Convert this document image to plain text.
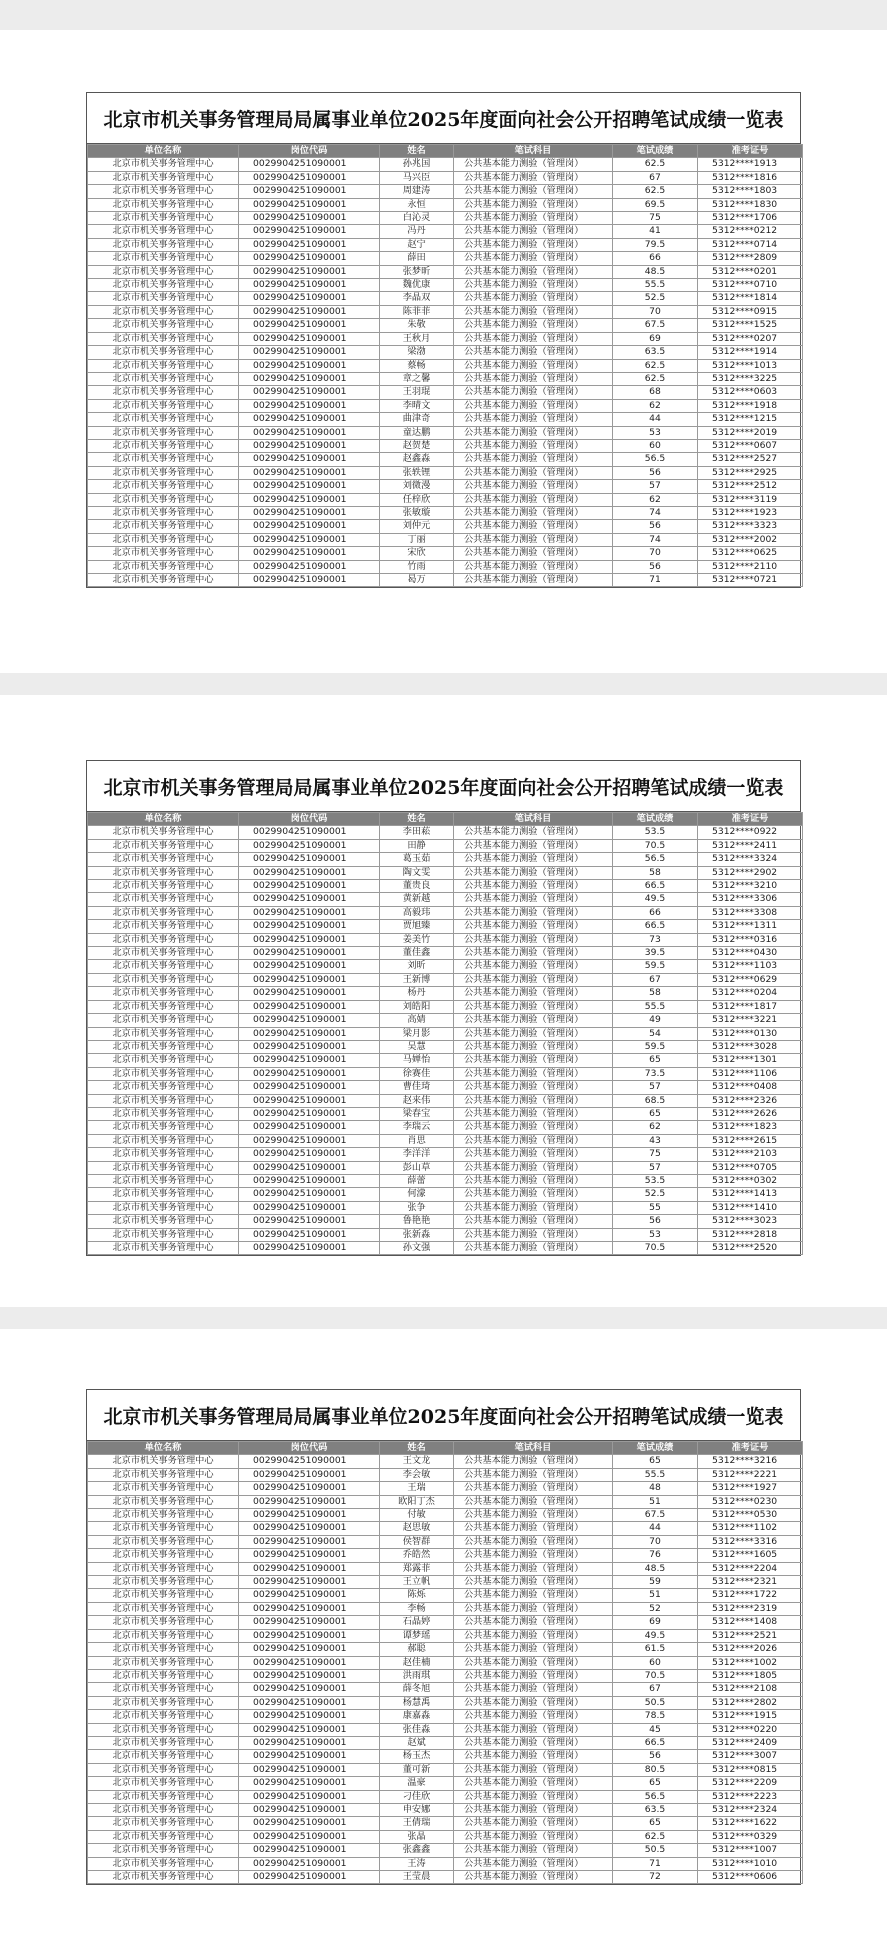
北京市机关事务管理局局属事业单位2025年度面向社会公开招聘笔试成绩一览表
单位名称	岗位代码	姓名	笔试科目	笔试成绩	准考证号
北京市机关事务管理中心	0029904251090001	孙兆国	公共基本能力测验（管理岗）	62.5	5312****1913
北京市机关事务管理中心	0029904251090001	马兴臣	公共基本能力测验（管理岗）	67	5312****1816
北京市机关事务管理中心	0029904251090001	周建涛	公共基本能力测验（管理岗）	62.5	5312****1803
北京市机关事务管理中心	0029904251090001	永恒	公共基本能力测验（管理岗）	69.5	5312****1830
北京市机关事务管理中心	0029904251090001	白沁灵	公共基本能力测验（管理岗）	75	5312****1706
北京市机关事务管理中心	0029904251090001	冯丹	公共基本能力测验（管理岗）	41	5312****0212
北京市机关事务管理中心	0029904251090001	赵宁	公共基本能力测验（管理岗）	79.5	5312****0714
北京市机关事务管理中心	0029904251090001	薛田	公共基本能力测验（管理岗）	66	5312****2809
北京市机关事务管理中心	0029904251090001	张梦昕	公共基本能力测验（管理岗）	48.5	5312****0201
北京市机关事务管理中心	0029904251090001	魏优康	公共基本能力测验（管理岗）	55.5	5312****0710
北京市机关事务管理中心	0029904251090001	李晶双	公共基本能力测验（管理岗）	52.5	5312****1814
北京市机关事务管理中心	0029904251090001	陈菲菲	公共基本能力测验（管理岗）	70	5312****0915
北京市机关事务管理中心	0029904251090001	朱敬	公共基本能力测验（管理岗）	67.5	5312****1525
北京市机关事务管理中心	0029904251090001	王秋月	公共基本能力测验（管理岗）	69	5312****0207
北京市机关事务管理中心	0029904251090001	梁渤	公共基本能力测验（管理岗）	63.5	5312****1914
北京市机关事务管理中心	0029904251090001	蔡畅	公共基本能力测验（管理岗）	62.5	5312****1013
北京市机关事务管理中心	0029904251090001	章之馨	公共基本能力测验（管理岗）	62.5	5312****3225
北京市机关事务管理中心	0029904251090001	王羽琨	公共基本能力测验（管理岗）	68	5312****0603
北京市机关事务管理中心	0029904251090001	李晴文	公共基本能力测验（管理岗）	62	5312****1918
北京市机关事务管理中心	0029904251090001	曲津奇	公共基本能力测验（管理岗）	44	5312****1215
北京市机关事务管理中心	0029904251090001	童达鹏	公共基本能力测验（管理岗）	53	5312****2019
北京市机关事务管理中心	0029904251090001	赵贺楚	公共基本能力测验（管理岗）	60	5312****0607
北京市机关事务管理中心	0029904251090001	赵鑫淼	公共基本能力测验（管理岗）	56.5	5312****2527
北京市机关事务管理中心	0029904251090001	张轶锂	公共基本能力测验（管理岗）	56	5312****2925
北京市机关事务管理中心	0029904251090001	刘微漫	公共基本能力测验（管理岗）	57	5312****2512
北京市机关事务管理中心	0029904251090001	任梓欣	公共基本能力测验（管理岗）	62	5312****3119
北京市机关事务管理中心	0029904251090001	张敏璇	公共基本能力测验（管理岗）	74	5312****1923
北京市机关事务管理中心	0029904251090001	刘仲元	公共基本能力测验（管理岗）	56	5312****3323
北京市机关事务管理中心	0029904251090001	丁丽	公共基本能力测验（管理岗）	74	5312****2002
北京市机关事务管理中心	0029904251090001	宋欣	公共基本能力测验（管理岗）	70	5312****0625
北京市机关事务管理中心	0029904251090001	竹雨	公共基本能力测验（管理岗）	56	5312****2110
北京市机关事务管理中心	0029904251090001	曷万	公共基本能力测验（管理岗）	71	5312****0721
北京市机关事务管理局局属事业单位2025年度面向社会公开招聘笔试成绩一览表
单位名称	岗位代码	姓名	笔试科目	笔试成绩	准考证号
北京市机关事务管理中心	0029904251090001	李田菘	公共基本能力测验（管理岗）	53.5	5312****0922
北京市机关事务管理中心	0029904251090001	田静	公共基本能力测验（管理岗）	70.5	5312****2411
北京市机关事务管理中心	0029904251090001	葛玉茹	公共基本能力测验（管理岗）	56.5	5312****3324
北京市机关事务管理中心	0029904251090001	陶文雯	公共基本能力测验（管理岗）	58	5312****2902
北京市机关事务管理中心	0029904251090001	董贵良	公共基本能力测验（管理岗）	66.5	5312****3210
北京市机关事务管理中心	0029904251090001	黄新越	公共基本能力测验（管理岗）	49.5	5312****3306
北京市机关事务管理中心	0029904251090001	高毅玮	公共基本能力测验（管理岗）	66	5312****3308
北京市机关事务管理中心	0029904251090001	贾旭臻	公共基本能力测验（管理岗）	66.5	5312****1311
北京市机关事务管理中心	0029904251090001	姜美竹	公共基本能力测验（管理岗）	73	5312****0316
北京市机关事务管理中心	0029904251090001	董佳鑫	公共基本能力测验（管理岗）	39.5	5312****0430
北京市机关事务管理中心	0029904251090001	刘昕	公共基本能力测验（管理岗）	59.5	5312****1103
北京市机关事务管理中心	0029904251090001	王新博	公共基本能力测验（管理岗）	67	5312****0629
北京市机关事务管理中心	0029904251090001	杨丹	公共基本能力测验（管理岗）	58	5312****0204
北京市机关事务管理中心	0029904251090001	刘皓阳	公共基本能力测验（管理岗）	55.5	5312****1817
北京市机关事务管理中心	0029904251090001	高婧	公共基本能力测验（管理岗）	49	5312****3221
北京市机关事务管理中心	0029904251090001	梁月影	公共基本能力测验（管理岗）	54	5312****0130
北京市机关事务管理中心	0029904251090001	吴慧	公共基本能力测验（管理岗）	59.5	5312****3028
北京市机关事务管理中心	0029904251090001	马婵怡	公共基本能力测验（管理岗）	65	5312****1301
北京市机关事务管理中心	0029904251090001	徐赛佳	公共基本能力测验（管理岗）	73.5	5312****1106
北京市机关事务管理中心	0029904251090001	曹佳琦	公共基本能力测验（管理岗）	57	5312****0408
北京市机关事务管理中心	0029904251090001	赵来伟	公共基本能力测验（管理岗）	68.5	5312****2326
北京市机关事务管理中心	0029904251090001	梁春宝	公共基本能力测验（管理岗）	65	5312****2626
北京市机关事务管理中心	0029904251090001	李瑞云	公共基本能力测验（管理岗）	62	5312****1823
北京市机关事务管理中心	0029904251090001	肖思	公共基本能力测验（管理岗）	43	5312****2615
北京市机关事务管理中心	0029904251090001	李洋洋	公共基本能力测验（管理岗）	75	5312****2103
北京市机关事务管理中心	0029904251090001	彭山草	公共基本能力测验（管理岗）	57	5312****0705
北京市机关事务管理中心	0029904251090001	薛蕾	公共基本能力测验（管理岗）	53.5	5312****0302
北京市机关事务管理中心	0029904251090001	何濛	公共基本能力测验（管理岗）	52.5	5312****1413
北京市机关事务管理中心	0029904251090001	张争	公共基本能力测验（管理岗）	55	5312****1410
北京市机关事务管理中心	0029904251090001	鲁艳艳	公共基本能力测验（管理岗）	56	5312****3023
北京市机关事务管理中心	0029904251090001	张新淼	公共基本能力测验（管理岗）	53	5312****2818
北京市机关事务管理中心	0029904251090001	孙文强	公共基本能力测验（管理岗）	70.5	5312****2520
北京市机关事务管理局局属事业单位2025年度面向社会公开招聘笔试成绩一览表
单位名称	岗位代码	姓名	笔试科目	笔试成绩	准考证号
北京市机关事务管理中心	0029904251090001	王文龙	公共基本能力测验（管理岗）	65	5312****3216
北京市机关事务管理中心	0029904251090001	李会敏	公共基本能力测验（管理岗）	55.5	5312****2221
北京市机关事务管理中心	0029904251090001	王瑞	公共基本能力测验（管理岗）	48	5312****1927
北京市机关事务管理中心	0029904251090001	欧阳丁杰	公共基本能力测验（管理岗）	51	5312****0230
北京市机关事务管理中心	0029904251090001	付敏	公共基本能力测验（管理岗）	67.5	5312****0530
北京市机关事务管理中心	0029904251090001	赵思敏	公共基本能力测验（管理岗）	44	5312****1102
北京市机关事务管理中心	0029904251090001	侯智群	公共基本能力测验（管理岗）	70	5312****3316
北京市机关事务管理中心	0029904251090001	乔皓然	公共基本能力测验（管理岗）	76	5312****1605
北京市机关事务管理中心	0029904251090001	郑露菲	公共基本能力测验（管理岗）	48.5	5312****2204
北京市机关事务管理中心	0029904251090001	王立帆	公共基本能力测验（管理岗）	59	5312****2321
北京市机关事务管理中心	0029904251090001	陈烁	公共基本能力测验（管理岗）	51	5312****1722
北京市机关事务管理中心	0029904251090001	李畅	公共基本能力测验（管理岗）	52	5312****2319
北京市机关事务管理中心	0029904251090001	石晶婷	公共基本能力测验（管理岗）	69	5312****1408
北京市机关事务管理中心	0029904251090001	谭梦瑶	公共基本能力测验（管理岗）	49.5	5312****2521
北京市机关事务管理中心	0029904251090001	郝聪	公共基本能力测验（管理岗）	61.5	5312****2026
北京市机关事务管理中心	0029904251090001	赵佳楠	公共基本能力测验（管理岗）	60	5312****1002
北京市机关事务管理中心	0029904251090001	洪雨琪	公共基本能力测验（管理岗）	70.5	5312****1805
北京市机关事务管理中心	0029904251090001	薛冬旭	公共基本能力测验（管理岗）	67	5312****2108
北京市机关事务管理中心	0029904251090001	杨慧禹	公共基本能力测验（管理岗）	50.5	5312****2802
北京市机关事务管理中心	0029904251090001	康嘉淼	公共基本能力测验（管理岗）	78.5	5312****1915
北京市机关事务管理中心	0029904251090001	张佳淼	公共基本能力测验（管理岗）	45	5312****0220
北京市机关事务管理中心	0029904251090001	赵斌	公共基本能力测验（管理岗）	66.5	5312****2409
北京市机关事务管理中心	0029904251090001	杨玉杰	公共基本能力测验（管理岗）	56	5312****3007
北京市机关事务管理中心	0029904251090001	董可新	公共基本能力测验（管理岗）	80.5	5312****0815
北京市机关事务管理中心	0029904251090001	温豪	公共基本能力测验（管理岗）	65	5312****2209
北京市机关事务管理中心	0029904251090001	刁佳欣	公共基本能力测验（管理岗）	56.5	5312****2223
北京市机关事务管理中心	0029904251090001	申安娜	公共基本能力测验（管理岗）	63.5	5312****2324
北京市机关事务管理中心	0029904251090001	王倩瑞	公共基本能力测验（管理岗）	65	5312****1622
北京市机关事务管理中心	0029904251090001	张晶	公共基本能力测验（管理岗）	62.5	5312****0329
北京市机关事务管理中心	0029904251090001	张鑫鑫	公共基本能力测验（管理岗）	50.5	5312****1007
北京市机关事务管理中心	0029904251090001	王涛	公共基本能力测验（管理岗）	71	5312****1010
北京市机关事务管理中心	0029904251090001	王莹晨	公共基本能力测验（管理岗）	72	5312****0606
